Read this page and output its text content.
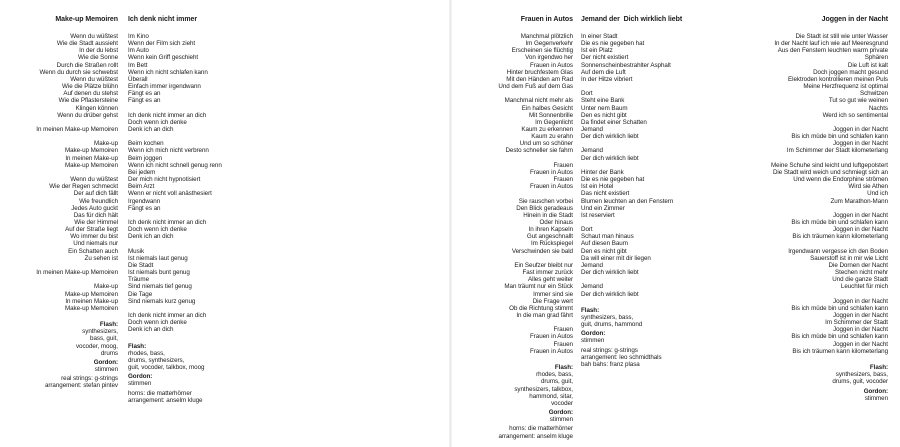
Make-up Memoiren
Wenn du wüßtest
Wie die Stadt aussieht
In der du lebst
Wie die Sonne
Durch die Straßen rollt
Wenn du durch sie schwebst
Wenn du wüßtest
Wie die Plätze blühn
Auf denen du stehst
Wie die Pflastersteine
Klingen können
Wenn du drüber gehst
In meinen Make-up Memoiren
Make-up
Make-up Memoiren
In meinen Make-up
Make-up Memoiren
Wenn du wüßtest
Wie der Regen schmeckt
Der auf dich fällt
Wie freundlich
Jedes Auto guckt
Das für dich hält
Wie der Himmel
Auf der Straße liegt
Wo immer du bist
Und niemals nur
Ein Schatten auch
Zu sehen ist
In meinen Make-up Memoiren
Make-up
Make-up Memoiren
In meinen Make-up
Make-up Memoiren
Flash:
synthesizers,
bass, guit,
vocoder, moog,
drums
Gordon:
stimmen
real strings: g-strings
arrangement: stefan pintev
Ich denk nicht immer
Im Kino
Wenn der Film sich zieht
Im Auto
Wenn kein Griff geschieht
Im Bett
Wenn ich nicht schlafen kann
Überall
Einfach immer irgendwann
Fängt es an
Fängt es an
Ich denk nicht immer an dich
Doch wenn ich denke
Denk ich an dich
Beim kochen
Wenn ich mich nicht verbrenn
Beim joggen
Wenn ich nicht schnell genug renn
Bei jedem
Der mich nicht hypnotisiert
Beim Arzt
Wenn er nicht voll anästhesiert
Irgendwann
Fängt es an
Ich denk nicht immer an dich
Doch wenn ich denke
Denk ich an dich
Musik
Ist niemals laut genug
Die Stadt
Ist niemals bunt genug
Träume
Sind niemals tief genug
Die Tage
Sind niemals kurz genug
Ich denk nicht immer an dich
Doch wenn ich denke
Denk ich an dich
Flash:
rhodes, bass,
drums, synthesizers,
guit, vocoder, talkbox, moog
Gordon:
stimmen
horns: die matterhörner
arrangement: anselm kluge
Frauen in Autos
Manchmal plötzlich
Im Gegenverkehr
Erscheinen sie flüchtig
Von irgendwo her
Frauen in Autos
Hinter bruchfestem Glas
Mit den Händen am Rad
Und dem Fuß auf dem Gas
Manchmal nicht mehr als
Ein halbes Gesicht
Mit Sonnenbrille
Im Gegenlicht
Kaum zu erkennen
Kaum zu erahn
Und um so schöner
Desto schneller sie fahrn
Frauen
Frauen in Autos
Frauen
Frauen in Autos
Sie rauschen vorbei
Den Blick geradeaus
Hinein in die Stadt
Oder hinaus
In ihren Kapseln
Gut angeschnallt
Im Rückspiegel
Verschwinden sie bald
Ein Seufzer bleibt nur
Fast immer zurück
Alles geht weiter
Man träumt nur ein Stück
Immer sind sie
Die Frage wert
Ob die Richtung stimmt
In die man grad fährt
Frauen
Frauen in Autos
Frauen
Frauen in Autos
Flash:
rhodes, bass,
drums, guit,
synthesizers, talkbox,
hammond, sitar,
vocoder
Gordon:
stimmen
horns: die matterhörner
arrangement: anselm kluge
Jemand der  Dich wirklich liebt
In einer Stadt
Die es nie gegeben hat
Ist ein Platz
Der nicht existiert
Sonnenscheinbestrahlter Asphalt
Auf dem die Luft
In der Hitze vibriert
Dort
Steht eine Bank
Unter nem Baum
Den es nicht gibt
Da findet einer Schatten
Jemand
Der dich wirklich liebt
Jemand
Der dich wirklich liebt
Hinter der Bank
Die es nie gegeben hat
Ist ein Hotel
Das nicht existiert
Blumen leuchten an den Fenstern
Und ein Zimmer
Ist reserviert
Dort
Schaut man hinaus
Auf diesen Baum
Den es nicht gibt
Da will einer mit dir liegen
Jemand
Der dich wirklich liebt
Jemand
Der dich wirklich liebt
Flash:
synthesizers, bass,
guit, drums, hammond
Gordon:
stimmen
real strings: g-strings
arrangement: leo schmidthals
bah bahs: franz plasa
Joggen in der Nacht
Die Stadt ist still wie unter Wasser
In der Nacht lauf ich wie auf Meeresgrund
Aus den Fenstern leuchten warm private
Sphären
Die Luft ist kalt
Doch joggen macht gesund
Elektroden kontrollieren meinen Puls
Meine Herzfrequenz ist optimal
Schwitzen
Tut so gut wie weinen
Nachts
Werd ich so sentimental
Joggen in der Nacht
Bis ich müde bin und schlafen kann
Joggen in der Nacht
Im Schimmer der Stadt kilometerlang
Meine Schuhe sind leicht und luftgepolstert
Die Stadt wird weich und schmiegt sich an
Und wenn die Endorphine strömen
Wird sie Athen
Und ich
Zum Marathon-Mann
Joggen in der Nacht
Bis ich müde bin und schlafen kann
Joggen in der Nacht
Bis ich träumen kann kilometerlang
Irgendwann vergesse ich den Boden
Sauerstoff ist in mir wie Licht
Die Dornen der Nacht
Stechen nicht mehr
Und die ganze Stadt
Leuchtet für mich
Joggen in der Nacht
Bis ich müde bin und schlafen kann
Joggen in der Nacht
Im Schimmer der Stadt
Joggen in der Nacht
Bis ich müde bin und schlafen kann
Joggen in der Nacht
Bis ich träumen kann kilometerlang
Flash:
synthesizers, bass,
drums, guit, vocoder
Gordon:
stimmen
